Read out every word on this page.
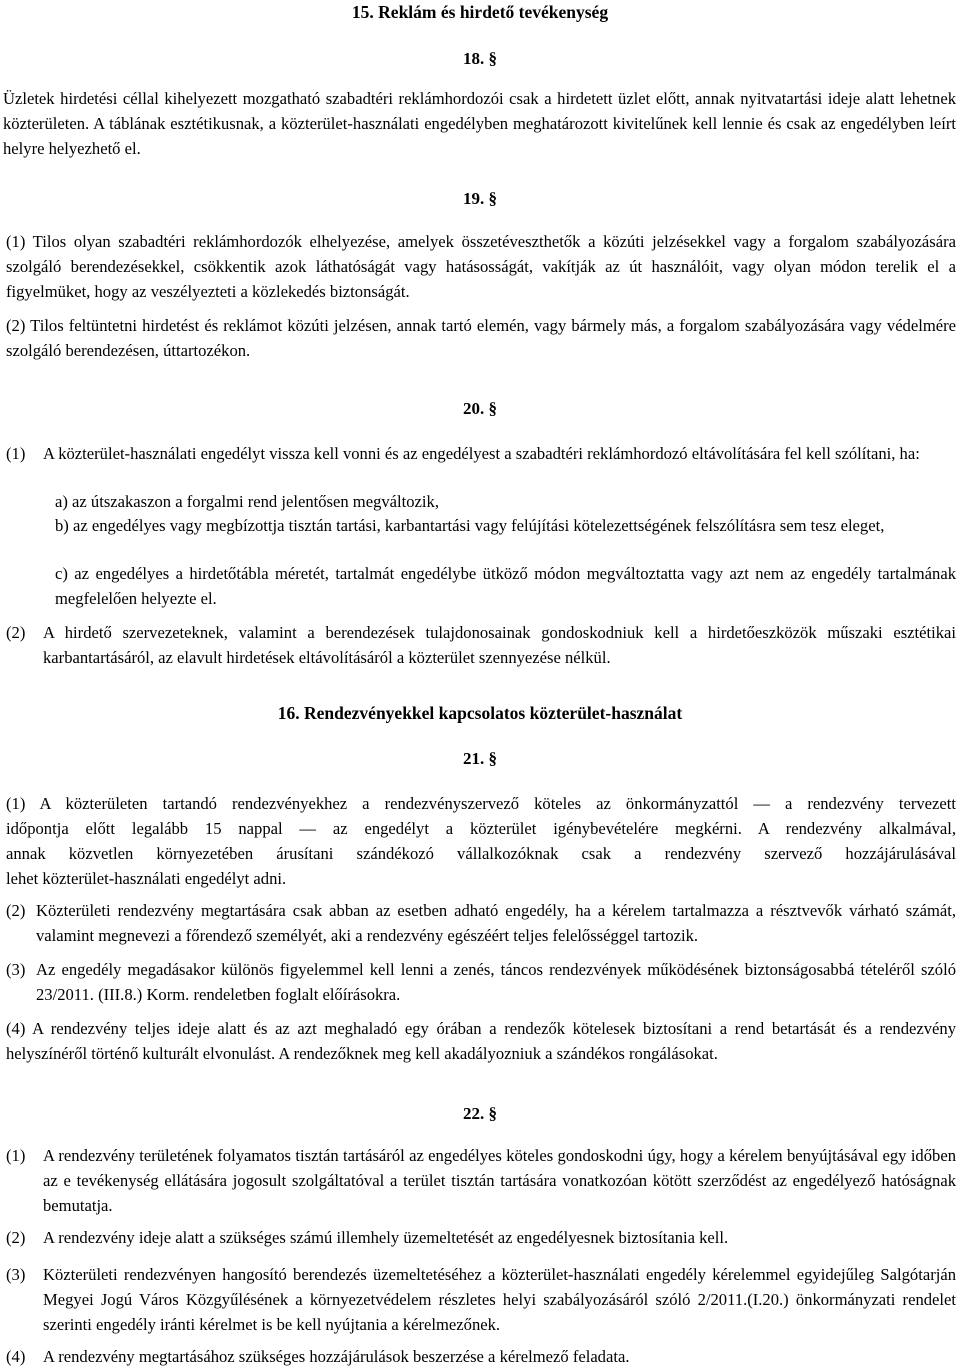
15. Reklám és hirdető tevékenység
18. §
Üzletek hirdetési céllal kihelyezett mozgatható szabadtéri reklámhordozói csak a hirdetett üzlet előtt, annak nyitvatartási ideje alatt lehetnek közterületen. A táblának esztétikusnak, a közterület-használati engedélyben meghatározott kivitelűnek kell lennie és csak az engedélyben leírt helyre helyezhető el.
19. §
(1) Tilos olyan szabadtéri reklámhordozók elhelyezése, amelyek összetéveszthetők a közúti jelzésekkel vagy a forgalom szabályozására szolgáló berendezésekkel, csökkentik azok láthatóságát vagy hatásosságát, vakítják az út használóit, vagy olyan módon terelik el a figyelmüket, hogy az veszélyezteti a közlekedés biztonságát.
(2) Tilos feltüntetni hirdetést és reklámot közúti jelzésen, annak tartó elemén, vagy bármely más, a forgalom szabályozására vagy védelmére szolgáló berendezésen, úttartozékon.
20. §
(1) A közterület-használati engedélyt vissza kell vonni és az engedélyest a szabadtéri reklámhordozó eltávolítására fel kell szólítani, ha:
a) az útszakaszon a forgalmi rend jelentősen megváltozik,
b) az engedélyes vagy megbízottja tisztán tartási, karbantartási vagy felújítási kötelezettségének felszólításra sem tesz eleget,
c) az engedélyes a hirdetőtábla méretét, tartalmát engedélybe ütköző módon megváltoztatta vagy azt nem az engedély tartalmának megfelelően helyezte el.
(2) A hirdető szervezeteknek, valamint a berendezések tulajdonosainak gondoskodniuk kell a hirdetőeszközök műszaki esztétikai karbantartásáról, az elavult hirdetések eltávolításáról a közterület szennyezése nélkül.
16. Rendezvényekkel kapcsolatos közterület-használat
21. §
(1) A közterületen tartandó rendezvényekhez a rendezvényszervező köteles az önkormányzattól — a rendezvény tervezett
időpontja előtt legalább 15 nappal — az engedélyt a közterület igénybevételére megkérni. A rendezvény alkalmával,
annak közvetlen környezetében árusítani szándékozó vállalkozóknak csak a rendezvény szervező hozzájárulásával
lehet közterület-használati engedélyt adni.
(2) Közterületi rendezvény megtartására csak abban az esetben adható engedély, ha a kérelem tartalmazza a résztvevők várható számát, valamint megnevezi a főrendező személyét, aki a rendezvény egészéért teljes felelősséggel tartozik.
(3) Az engedély megadásakor különös figyelemmel kell lenni a zenés, táncos rendezvények működésének biztonságosabbá tételéről szóló 23/2011. (III.8.) Korm. rendeletben foglalt előírásokra.
(4) A rendezvény teljes ideje alatt és az azt meghaladó egy órában a rendezők kötelesek biztosítani a rend betartását és a rendezvény helyszínéről történő kulturált elvonulást. A rendezőknek meg kell akadályozniuk a szándékos rongálásokat.
22. §
(1) A rendezvény területének folyamatos tisztán tartásáról az engedélyes köteles gondoskodni úgy, hogy a kérelem benyújtásával egy időben az e tevékenység ellátására jogosult szolgáltatóval a terület tisztán tartására vonatkozóan kötött szerződést az engedélyező hatóságnak bemutatja.
(2) A rendezvény ideje alatt a szükséges számú illemhely üzemeltetését az engedélyesnek biztosítania kell.
(3) Közterületi rendezvényen hangosító berendezés üzemeltetéséhez a közterület-használati engedély kérelemmel egyidejűleg Salgótarján Megyei Jogú Város Közgyűlésének a környezetvédelem részletes helyi szabályozásáról szóló 2/2011.(I.20.) önkormányzati rendelet szerinti engedély iránti kérelmet is be kell nyújtania a kérelmezőnek.
(4) A rendezvény megtartásához szükséges hozzájárulások beszerzése a kérelmező feladata.
